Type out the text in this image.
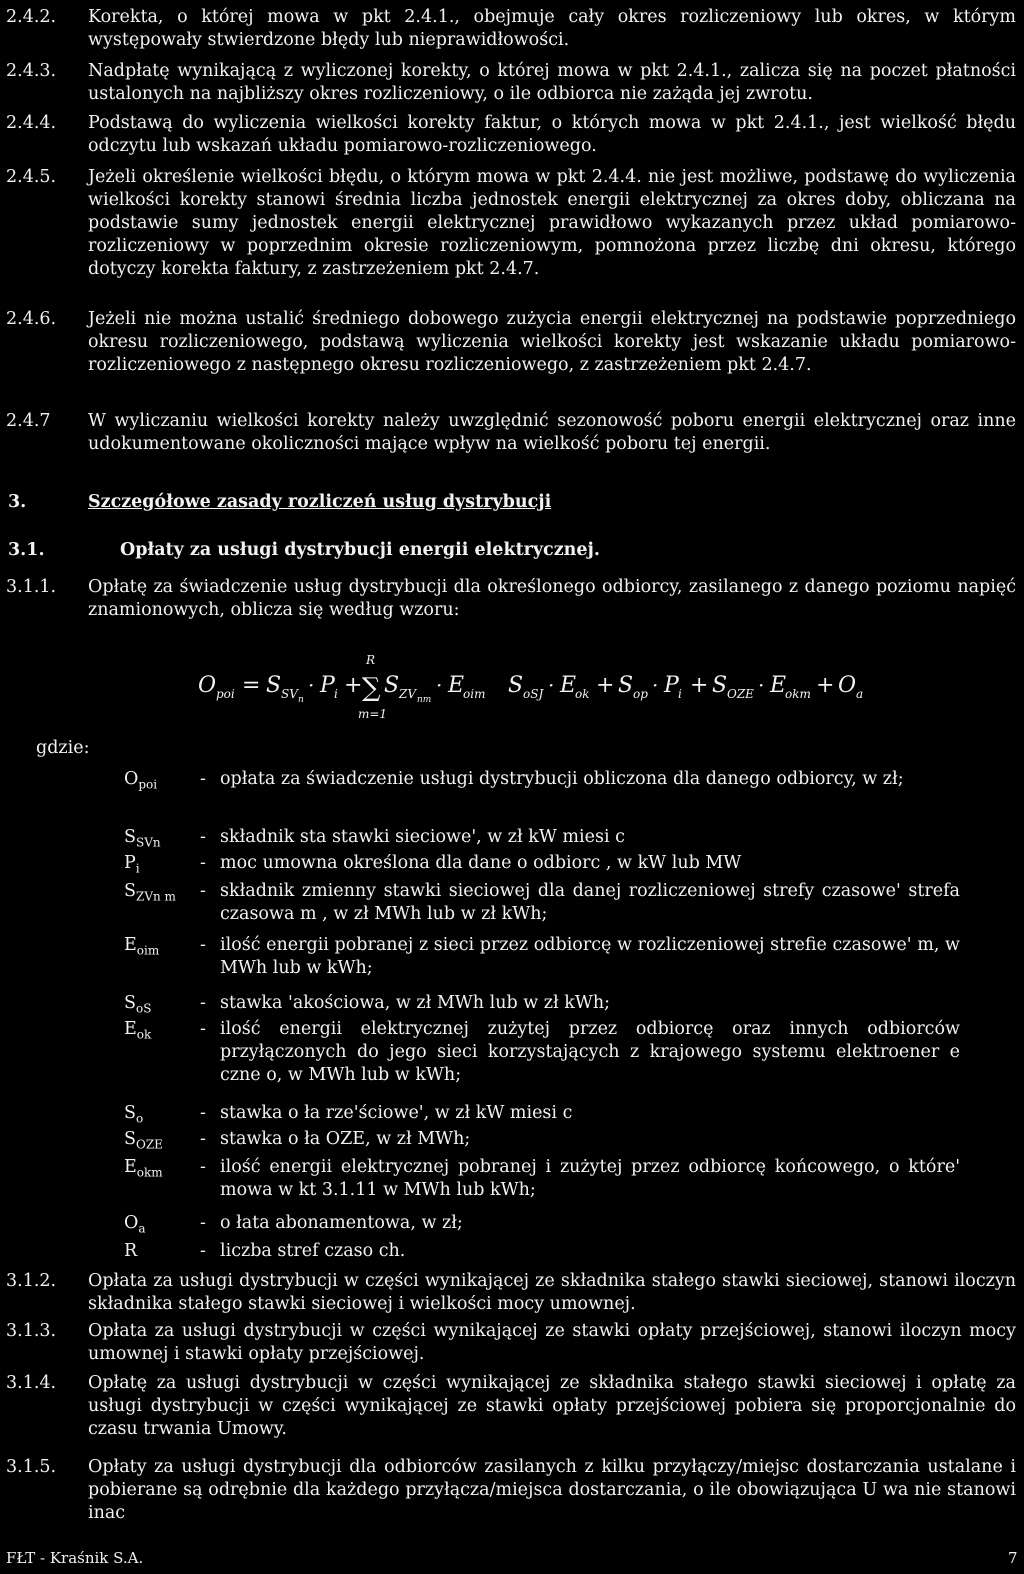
2.4.2. Korekta, o której mowa w pkt 2.4.1., obejmuje cały okres rozliczeniowy lub okres, w którym występowały stwierdzone błędy lub nieprawidłowości.
2.4.3. Nadpłatę wynikającą z wyliczonej korekty, o której mowa w pkt 2.4.1., zalicza się na poczet płatności ustalonych na najbliższy okres rozliczeniowy, o ile odbiorca nie zażąda jej zwrotu.
2.4.4. Podstawą do wyliczenia wielkości korekty faktur, o których mowa w pkt 2.4.1., jest wielkość błędu odczytu lub wskazań układu pomiarowo-rozliczeniowego.
2.4.5. Jeżeli określenie wielkości błędu, o którym mowa w pkt 2.4.4. nie jest możliwe, podstawę do wyliczenia wielkości korekty stanowi średnia liczba jednostek energii elektrycznej za okres doby, obliczana na podstawie sumy jednostek energii elektrycznej prawidłowo wykazanych przez układ pomiarowo-rozliczeniowy w poprzednim okresie rozliczeniowym, pomnożona przez liczbę dni okresu, którego dotyczy korekta faktury, z zastrzeżeniem pkt 2.4.7.
2.4.6. Jeżeli nie można ustalić średniego dobowego zużycia energii elektrycznej na podstawie poprzedniego okresu rozliczeniowego, podstawą wyliczenia wielkości korekty jest wskazanie układu pomiarowo-rozliczeniowego z następnego okresu rozliczeniowego, z zastrzeżeniem pkt 2.4.7.
2.4.7 W wyliczaniu wielkości korekty należy uwzględnić sezonowość poboru energii elektrycznej oraz inne udokumentowane okoliczności mające wpływ na wielkość poboru tej energii.
3.	Szczegółowe zasady rozliczeń usług dystrybucji
3.1.	Opłaty za usługi dystrybucji energii elektrycznej.
3.1.1. Opłatę za świadczenie usług dystrybucji dla określonego odbiorcy, zasilanego z danego poziomu napięć znamionowych, oblicza się według wzoru:
O poi = S SV n
· P i +
R
∑
m=1
S ZV nm
· E
oim S oSJ · E
ok + S op · P i + S OZE · E
okm + O a
gdzie:
$O_{poi}$	- opłata za świadczenie usługi dystrybucji obliczona dla danego odbiorcy, w zł;
$S_{SVn}$	- składnik sta stawki sieciowe', w zł kW miesi c
$P_i$	- moc umowna określona dla dane o odbiorc , w kW lub MW
$S_{ZVn m}$	- składnik zmienny stawki sieciowej dla danej rozliczeniowej strefy czasowe' strefa czasowa m , w zł MWh lub w zł kWh;
$E_{oim}$	- ilość energii pobranej z sieci przez odbiorcę w rozliczeniowej strefie czasowe' m, w MWh lub w kWh;
$S_{oS}$	- stawka 'akościowa, w zł MWh lub w zł kWh;
$E_{ok}$	- ilość energii elektrycznej zużytej przez odbiorcę oraz innych odbiorców przyłączonych do jego sieci korzystających z krajowego systemu elektroener e czne o, w MWh lub w kWh;
$S_o$	- stawka o ła rze'ściowe', w zł kW miesi c
$S_{OZE}$	- stawka o ła OZE, w zł MWh;
$E_{okm}$	- ilość energii elektrycznej pobranej i zużytej przez odbiorcę końcowego, o które' mowa w kt 3.1.11 w MWh lub kWh;
$O_a$	- o łata abonamentowa, w zł;
R	- liczba stref czaso ch.
3.1.2. Opłata za usługi dystrybucji w części wynikającej ze składnika stałego stawki sieciowej, stanowi iloczyn składnika stałego stawki sieciowej i wielkości mocy umownej.
3.1.3. Opłata za usługi dystrybucji w części wynikającej ze stawki opłaty przejściowej, stanowi iloczyn mocy umownej i stawki opłaty przejściowej.
3.1.4. Opłatę za usługi dystrybucji w części wynikającej ze składnika stałego stawki sieciowej i opłatę za usługi dystrybucji w części wynikającej ze stawki opłaty przejściowej pobiera się proporcjonalnie do czasu trwania Umowy.
3.1.5. Opłaty za usługi dystrybucji dla odbiorców zasilanych z kilku przyłączy/miejsc dostarczania ustalane i pobierane są odrębnie dla każdego przyłącza/miejsca dostarczania, o ile obowiązująca U wa nie stanowi inac
FŁT - Kraśnik S.A.	7
